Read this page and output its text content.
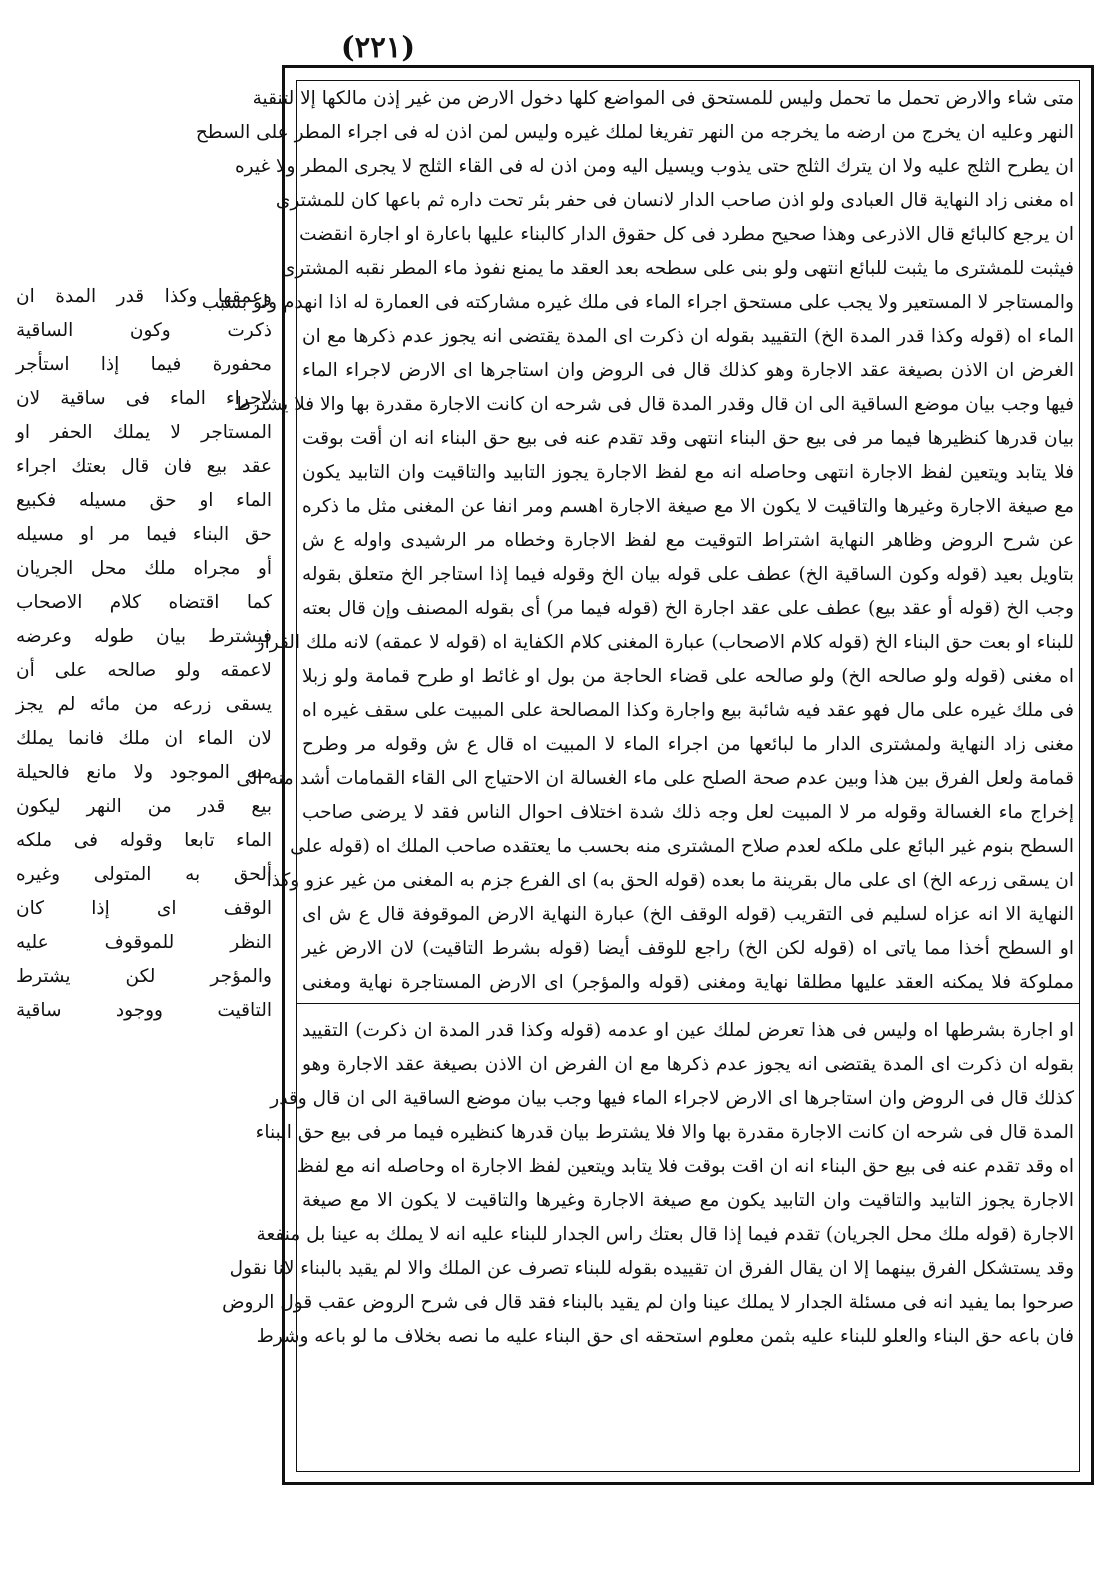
(۲۲۱)
وعمقها وكذا قدر المدة ان
ذكرت وكون الساقية
محفورة فيما إذا استأجر
لاجراء الماء فى ساقية لان
المستاجر لا يملك الحفر او
عقد بيع فان قال بعتك اجراء
الماء او حق مسيله فكبيع
حق البناء فيما مر او مسيله
أو مجراه ملك محل الجريان
كما اقتضاه كلام الاصحاب
فيشترط بيان طوله وعرضه
لاعمقه ولو صالحه على أن
يسقى زرعه من مائه لم يجز
لان الماء ان ملك فانما يملك
منه الموجود ولا مانع فالحيلة
بيع قدر من النهر ليكون
الماء تابعا وقوله فى ملكه
ألحق به المتولى وغيره
الوقف اى إذا كان
النظر للموقوف عليه
والمؤجر لكن يشترط
التاقيت ووجود ساقية
متى شاء والارض تحمل ما تحمل وليس للمستحق فى المواضع كلها دخول الارض من غير إذن مالكها إلا لتنقية
النهر وعليه ان يخرج من ارضه ما يخرجه من النهر تفريغا لملك غيره وليس لمن اذن له فى اجراء المطر على السطح
ان يطرح الثلج عليه ولا ان يترك الثلج حتى يذوب ويسيل اليه ومن اذن له فى القاء الثلج لا يجرى المطر ولا غيره
اه مغنى زاد النهاية قال العبادى ولو اذن صاحب الدار لانسان فى حفر بئر تحت داره ثم باعها كان للمشترى
ان يرجع كالبائع قال الاذرعى وهذا صحيح مطرد فى كل حقوق الدار كالبناء عليها باعارة او اجارة انقضت
فيثبت للمشترى ما يثبت للبائع انتهى ولو بنى على سطحه بعد العقد ما يمنع نفوذ ماء المطر نقبه المشترى
والمستاجر لا المستعير ولا يجب على مستحق اجراء الماء فى ملك غيره مشاركته فى العمارة له اذا انهدم ولو بسبب
الماء اه (قوله وكذا قدر المدة الخ) التقييد بقوله ان ذكرت اى المدة يقتضى انه يجوز عدم ذكرها مع ان
الغرض ان الاذن بصيغة عقد الاجارة وهو كذلك قال فى الروض وان استاجرها اى الارض لاجراء الماء
فيها وجب بيان موضع الساقية الى ان قال وقدر المدة قال فى شرحه ان كانت الاجارة مقدرة بها والا فلا يشترط
بيان قدرها كنظيرها فيما مر فى بيع حق البناء انتهى وقد تقدم عنه فى بيع حق البناء انه ان أقت بوقت
فلا يتابد ويتعين لفظ الاجارة انتهى وحاصله انه مع لفظ الاجارة يجوز التابيد والتاقيت وان التابيد يكون
مع صيغة الاجارة وغيرها والتاقيت لا يكون الا مع صيغة الاجارة اهسم ومر انفا عن المغنى مثل ما ذكره
عن شرح الروض وظاهر النهاية اشتراط التوقيت مع لفظ الاجارة وخطاه مر الرشيدى واوله ع ش
بتاويل بعيد (قوله وكون الساقية الخ) عطف على قوله بيان الخ وقوله فيما إذا استاجر الخ متعلق بقوله
وجب الخ (قوله أو عقد بيع) عطف على عقد اجارة الخ (قوله فيما مر) أى بقوله المصنف وإن قال بعته
للبناء او بعت حق البناء الخ (قوله كلام الاصحاب) عبارة المغنى كلام الكفاية اه (قوله لا عمقه) لانه ملك القرار
اه مغنى (قوله ولو صالحه الخ) ولو صالحه على قضاء الحاجة من بول او غائط او طرح قمامة ولو زبلا
فى ملك غيره على مال فهو عقد فيه شائبة بيع واجارة وكذا المصالحة على المبيت على سقف غيره اه
مغنى زاد النهاية ولمشترى الدار ما لبائعها من اجراء الماء لا المبيت اه قال ع ش وقوله مر وطرح
قمامة ولعل الفرق بين هذا وبين عدم صحة الصلح على ماء الغسالة ان الاحتياج الى القاء القمامات أشد منه الى
إخراج ماء الغسالة وقوله مر لا المبيت لعل وجه ذلك شدة اختلاف احوال الناس فقد لا يرضى صاحب
السطح بنوم غير البائع على ملكه لعدم صلاح المشترى منه بحسب ما يعتقده صاحب الملك اه (قوله على
ان يسقى زرعه الخ) اى على مال بقرينة ما بعده (قوله الحق به) اى الفرع جزم به المغنى من غير عزو وكذا
النهاية الا انه عزاه لسليم فى التقريب (قوله الوقف الخ) عبارة النهاية الارض الموقوفة قال ع ش اى
او السطح أخذا مما ياتى اه (قوله لكن الخ) راجع للوقف أيضا (قوله بشرط التاقيت) لان الارض غير
مملوكة فلا يمكنه العقد عليها مطلقا نهاية ومغنى (قوله والمؤجر) اى الارض المستاجرة نهاية ومغنى
او اجارة بشرطها اه وليس فى هذا تعرض لملك عين او عدمه (قوله وكذا قدر المدة ان ذكرت) التقييد
بقوله ان ذكرت اى المدة يقتضى انه يجوز عدم ذكرها مع ان الفرض ان الاذن بصيغة عقد الاجارة وهو
كذلك قال فى الروض وان استاجرها اى الارض لاجراء الماء فيها وجب بيان موضع الساقية الى ان قال وقدر
المدة قال فى شرحه ان كانت الاجارة مقدرة بها والا فلا يشترط بيان قدرها كنظيره فيما مر فى بيع حق البناء
اه وقد تقدم عنه فى بيع حق البناء انه ان اقت بوقت فلا يتابد ويتعين لفظ الاجارة اه وحاصله انه مع لفظ
الاجارة يجوز التابيد والتاقيت وان التابيد يكون مع صيغة الاجارة وغيرها والتاقيت لا يكون الا مع صيغة
الاجارة (قوله ملك محل الجريان) تقدم فيما إذا قال بعتك راس الجدار للبناء عليه انه لا يملك به عينا بل منفعة
وقد يستشكل الفرق بينهما إلا ان يقال الفرق ان تقييده بقوله للبناء تصرف عن الملك والا لم يقيد بالبناء لانا نقول
صرحوا بما يفيد انه فى مسئلة الجدار لا يملك عينا وان لم يقيد بالبناء فقد قال فى شرح الروض عقب قول الروض
فان باعه حق البناء والعلو للبناء عليه بثمن معلوم استحقه اى حق البناء عليه ما نصه بخلاف ما لو باعه وشرط
